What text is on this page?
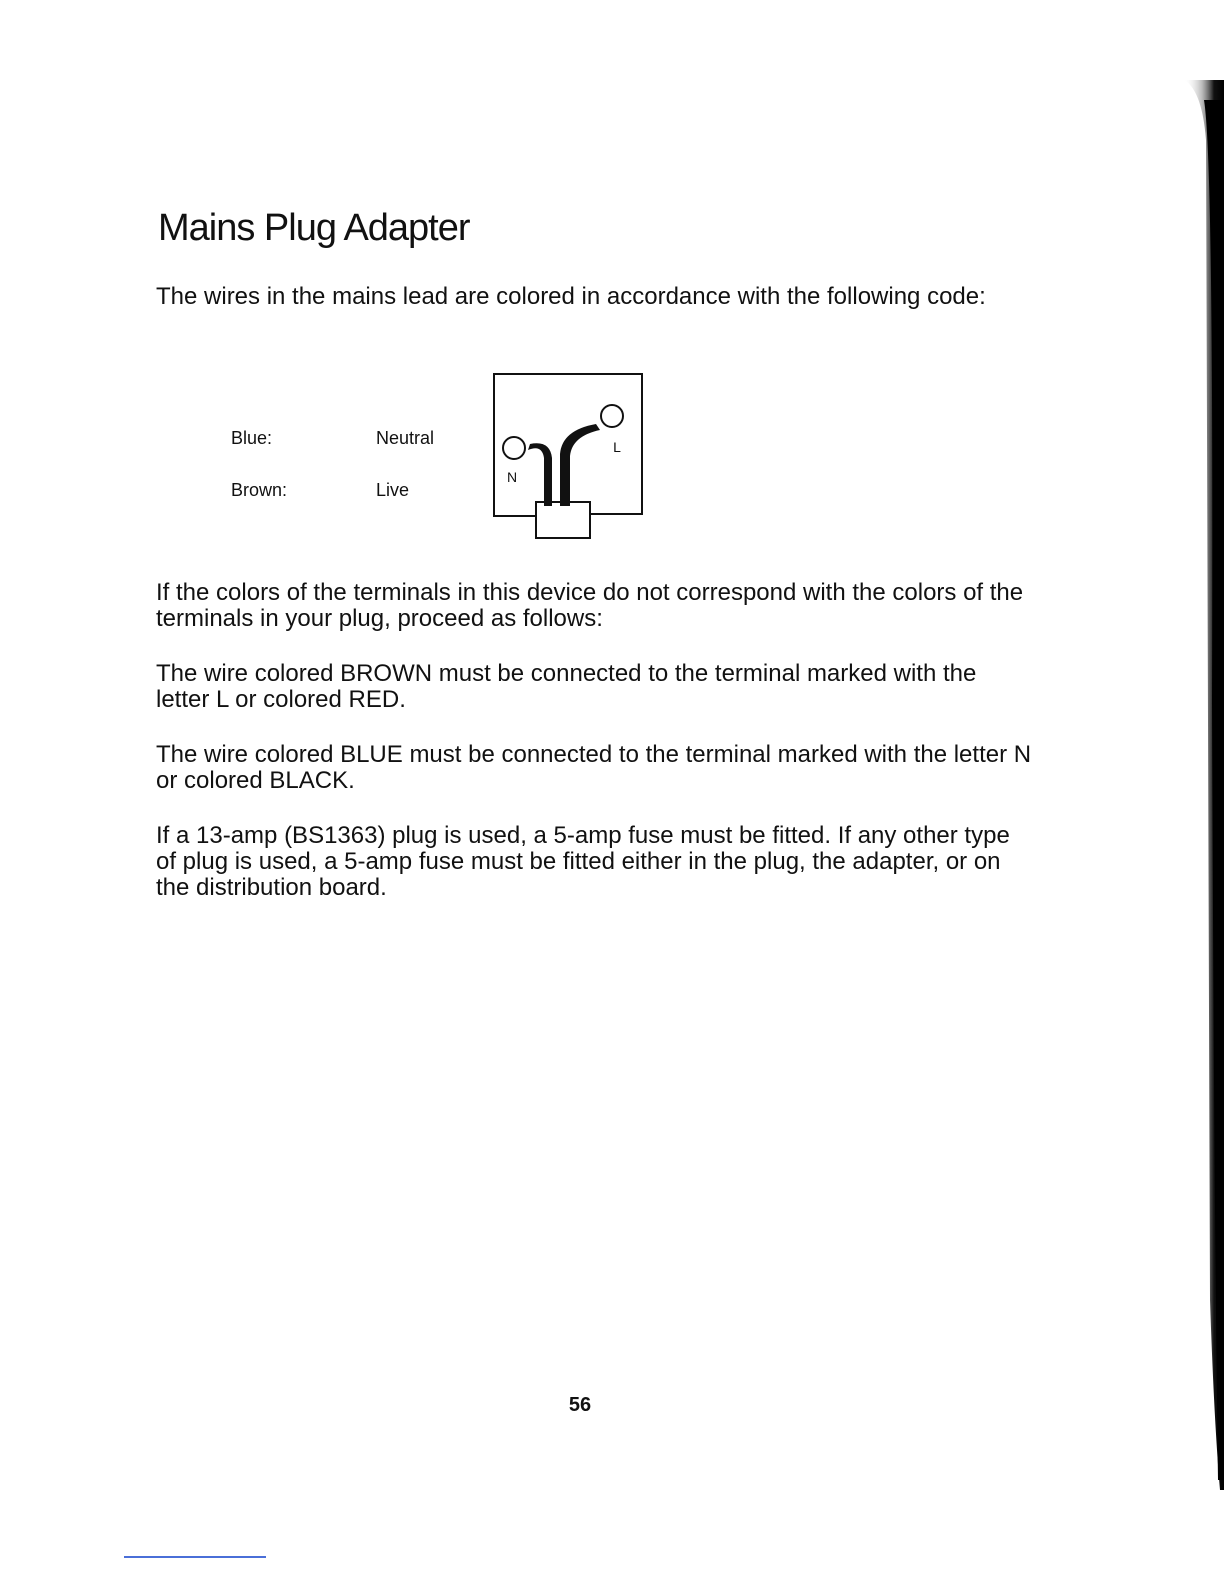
Mains Plug Adapter

The wires in the mains lead are colored in accordance with the following code:

Blue:	Neutral
Brown:	Live
N
L

If the colors of the terminals in this device do not correspond with the colors of the terminals in your plug, proceed as follows:

The wire colored BROWN must be connected to the terminal marked with the letter L or colored RED.

The wire colored BLUE must be connected to the terminal marked with the letter N or colored BLACK.

If a 13-amp (BS1363) plug is used, a 5-amp fuse must be fitted. If any other type of plug is used, a 5-amp fuse must be fitted either in the plug, the adapter, or on the distribution board.

56
